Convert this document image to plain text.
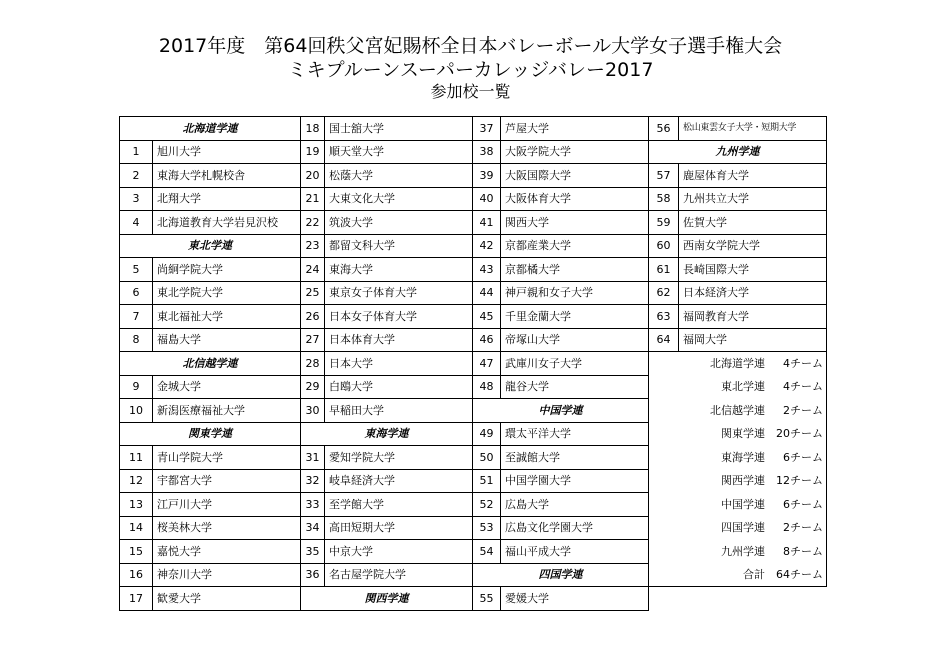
2017年度　第64回秩父宮妃賜杯全日本バレーボール大学女子選手権大会
ミキプルーンスーパーカレッジバレー2017
参加校一覧
北海道学連		18	国士舘大学	37	芦屋大学	56	松山東雲女子大学・短期大学
1	旭川大学	19	順天堂大学	38	大阪学院大学	九州学連	
2	東海大学札幌校舎	20	松蔭大学	39	大阪国際大学	57	鹿屋体育大学
3	北翔大学	21	大東文化大学	40	大阪体育大学	58	九州共立大学
4	北海道教育大学岩見沢校	22	筑波大学	41	関西大学	59	佐賀大学
東北学連		23	都留文科大学	42	京都産業大学	60	西南女学院大学
5	尚絅学院大学	24	東海大学	43	京都橘大学	61	長崎国際大学
6	東北学院大学	25	東京女子体育大学	44	神戸親和女子大学	62	日本経済大学
7	東北福祉大学	26	日本女子体育大学	45	千里金蘭大学	63	福岡教育大学
8	福島大学	27	日本体育大学	46	帝塚山大学	64	福岡大学
北信越学連		28	日本大学	47	武庫川女子大学	北海道学連 4チーム	
9	金城大学	29	白鴎大学	48	龍谷大学	東北学連 4チーム	
10	新潟医療福祉大学	30	早稲田大学	中国学連		北信越学連 2チーム	
関東学連		東海学連		49	環太平洋大学	関東学連 20チーム	
11	青山学院大学	31	愛知学院大学	50	至誠館大学	東海学連 6チーム	
12	宇都宮大学	32	岐阜経済大学	51	中国学園大学	関西学連 12チーム	
13	江戸川大学	33	至学館大学	52	広島大学	中国学連 6チーム	
14	桜美林大学	34	高田短期大学	53	広島文化学園大学	四国学連 2チーム	
15	嘉悦大学	35	中京大学	54	福山平成大学	九州学連 8チーム	
16	神奈川大学	36	名古屋学院大学	四国学連		合計 64チーム	
17	歓愛大学	関西学連		55	愛媛大学		
